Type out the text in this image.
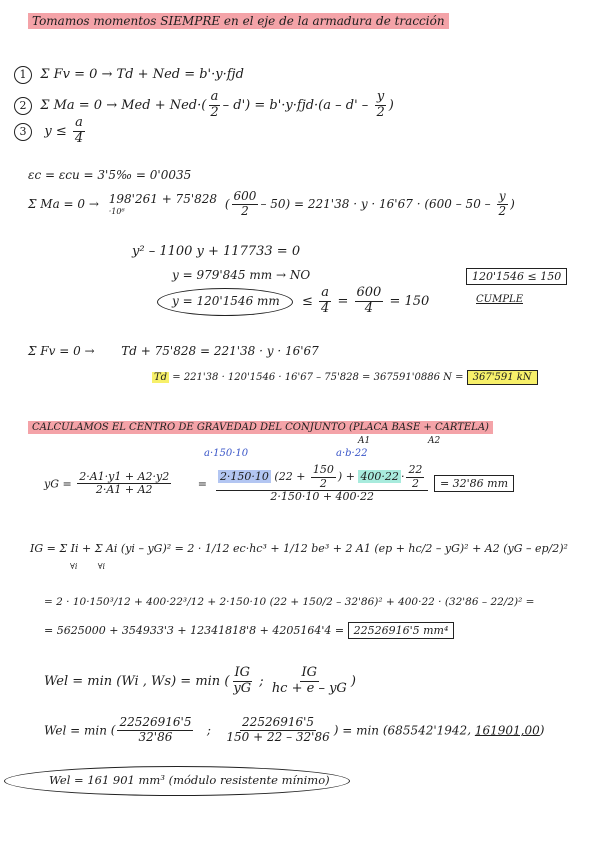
Tomamos momentos SIEMPRE en el eje de la armadura de tracción
1 Σ Fv = 0 → Td + Ned = b'·y·fjd
2 Σ Ma = 0 → Med + $Ned\cdot( \frac{a}{2} - d') = b'\cdot y\cdot fjd\cdot(a - d' - \frac{y}{2}$ )
3 $y \le \frac{a}{4}$
εc = εcu = 3'5‰ = 0'0035
Σ Ma = 0 → 198'261 + 75'828
·10⁶
( $\frac{600}{2} - 50) = 221'38 \cdot y \cdot 16'67 \cdot (600 - 50 - \frac{y}{2}$ )
y² – 1100 y + 117733 = 0
y = 979'845 mm → NO
y = 120'1546 mm ≤ $\frac{a}{4} = \frac{600}{4} = 150$
120'1546 ≤ 150
CUMPLE
Σ Fv = 0 → Td + 75'828 = 221'38 · y · 16'67
Td = 221'38 · 120'1546 · 16'67 – 75'828 = 367591'0886 N = 367'591 kN
CALCULAMOS EL CENTRO DE GRAVEDAD DEL CONJUNTO (PLACA BASE + CARTELA)
A1	A2
a·150·10	a·b·22
yG = $\frac{2\cdot A1\cdot y1 + A2\cdot y2}{2\cdot A1 + A2} = \frac{2\cdot 150\cdot 10 (22 + \frac{150}{2} ) + 400\cdot 22 \cdot \frac{22}{2}}{2\cdot 150\cdot 10 + 400\cdot 22} = 32'86$ mm
IG = Σ Ii + Σ Ai (yi – yG)² = 2 · 1/12 ec·hc³ + 1/12 be³ + 2 A1 (ep + hc/2 – yG)² + A2 (yG – ep/2)²
∀i        ∀i
= 2 · 10·150³/12 + 400·22³/12 + 2·150·10 (22 + 150/2 – 32'86)² + 400·22 · (32'86 – 22/2)² =
= 5625000 + 354933'3 + 12341818'8 + 4205164'4 = 22526916'5 mm⁴
Wel = min (Wi , Ws) = min ( $\frac{IG}{yG}$ ; $\frac{IG}{hc + e - yG}$ )
Wel = min ( $\frac{22526916'5}{32'86}$ ; $\frac{22526916'5}{150 + 22 - 32'86}$ ) = min (685542'1942, 161901,00)
Wel = 161 901 mm³ (módulo resistente mínimo)
